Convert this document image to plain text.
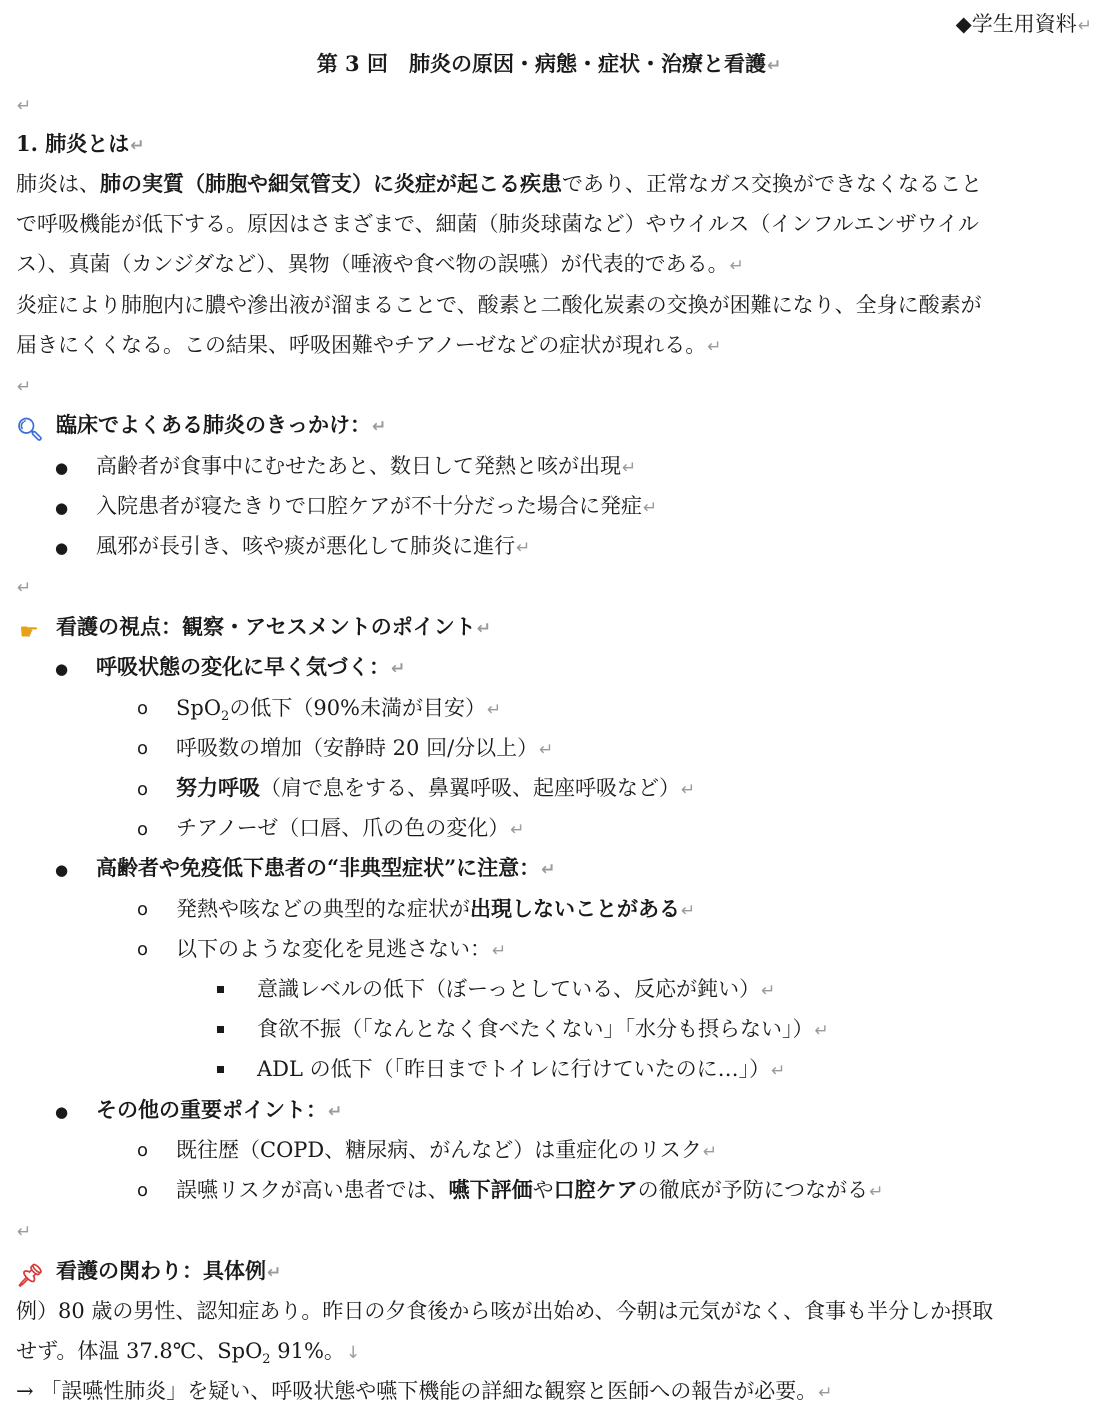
◆学生用資料↵
第 3 回　肺炎の原因・病態・症状・治療と看護↵
↵
1. 肺炎とは↵
肺炎は、肺の実質（肺胞や細気管支）に炎症が起こる疾患であり、正常なガス交換ができなくなること
で呼吸機能が低下する。原因はさまざまで、細菌（肺炎球菌など）やウイルス（インフルエンザウイル
ス）、真菌（カンジダなど）、異物（唾液や食べ物の誤嚥）が代表的である。↵
炎症により肺胞内に膿や滲出液が溜まることで、酸素と二酸化炭素の交換が困難になり、全身に酸素が
届きにくくなる。この結果、呼吸困難やチアノーゼなどの症状が現れる。↵
↵
🔍︎ 臨床でよくある肺炎のきっかけ：↵
● 高齢者が食事中にむせたあと、数日して発熱と咳が出現↵
● 入院患者が寝たきりで口腔ケアが不十分だった場合に発症↵
● 風邪が長引き、咳や痰が悪化して肺炎に進行↵
↵
☛ 看護の視点：観察・アセスメントのポイント↵
● 呼吸状態の変化に早く気づく：↵
o SpO$_2$の低下（90%未満が目安）↵
o 呼吸数の増加（安静時 20 回/分以上）↵
o 努力呼吸（肩で息をする、鼻翼呼吸、起座呼吸など）↵
o チアノーゼ（口唇、爪の色の変化）↵
● 高齢者や免疫低下患者の“非典型症状”に注意：↵
o 発熱や咳などの典型的な症状が出現しないことがある↵
o 以下のような変化を見逃さない：↵
意識レベルの低下（ぼーっとしている、反応が鈍い）↵
食欲不振（「なんとなく食べたくない」「水分も摂らない」）↵
ADL の低下（「昨日までトイレに行けていたのに…」）↵
● その他の重要ポイント：↵
o 既往歴（COPD、糖尿病、がんなど）は重症化のリスク↵
o 誤嚥リスクが高い患者では、嚥下評価や口腔ケアの徹底が予防につながる↵
↵
📌︎ 看護の関わり：具体例↵
例）80 歳の男性、認知症あり。昨日の夕食後から咳が出始め、今朝は元気がなく、食事も半分しか摂取
せず。体温 37.8℃、SpO$_2$ 91%。↓
→ 「誤嚥性肺炎」を疑い、呼吸状態や嚥下機能の詳細な観察と医師への報告が必要。↵
